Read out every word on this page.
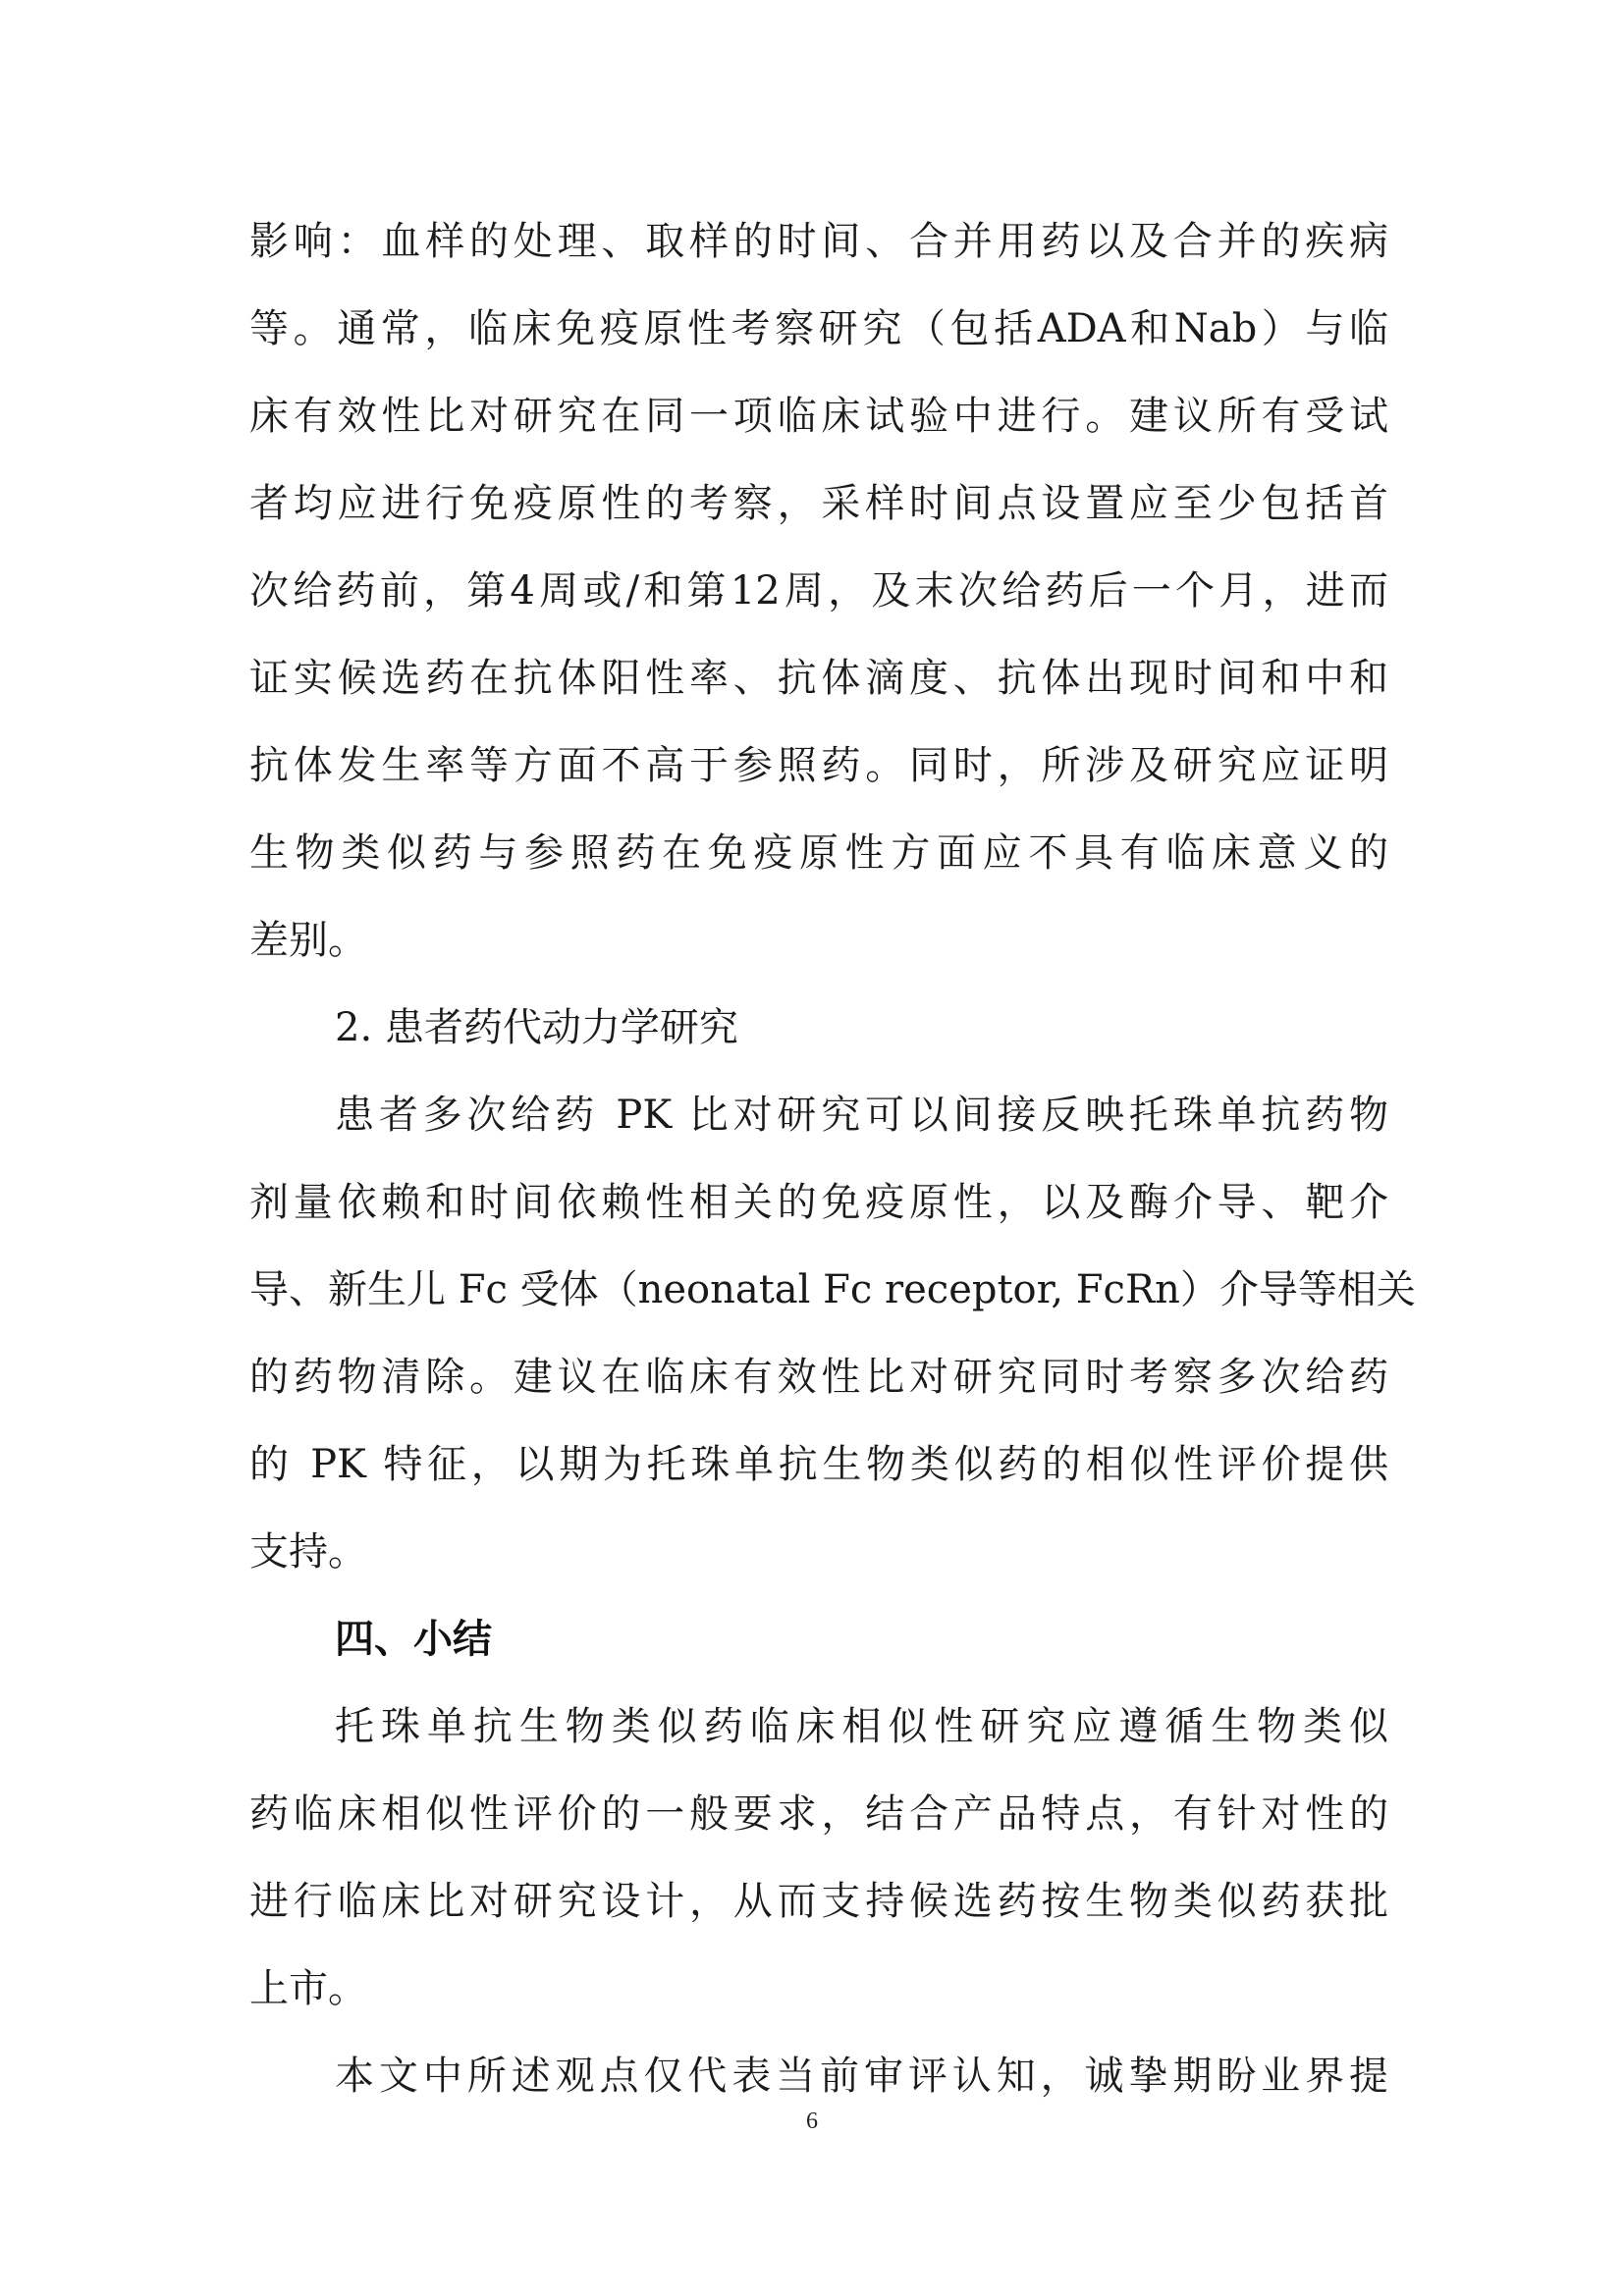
影响：血样的处理、取样的时间、合并用药以及合并的疾病
等。通常，临床免疫原性考察研究（包括ADA和Nab）与临
床有效性比对研究在同一项临床试验中进行。建议所有受试
者均应进行免疫原性的考察，采样时间点设置应至少包括首
次给药前，第4周或/和第12周，及末次给药后一个月，进而
证实候选药在抗体阳性率、抗体滴度、抗体出现时间和中和
抗体发生率等方面不高于参照药。同时，所涉及研究应证明
生物类似药与参照药在免疫原性方面应不具有临床意义的
差别。
2. 患者药代动力学研究
患者多次给药 PK 比对研究可以间接反映托珠单抗药物
剂量依赖和时间依赖性相关的免疫原性，以及酶介导、靶介
导、新生儿 Fc 受体（neonatal Fc receptor, FcRn）介导等相关
的药物清除。建议在临床有效性比对研究同时考察多次给药
的 PK 特征，以期为托珠单抗生物类似药的相似性评价提供
支持。
四、小结
托珠单抗生物类似药临床相似性研究应遵循生物类似
药临床相似性评价的一般要求，结合产品特点，有针对性的
进行临床比对研究设计，从而支持候选药按生物类似药获批
上市。
本文中所述观点仅代表当前审评认知，诚挚期盼业界提
6
